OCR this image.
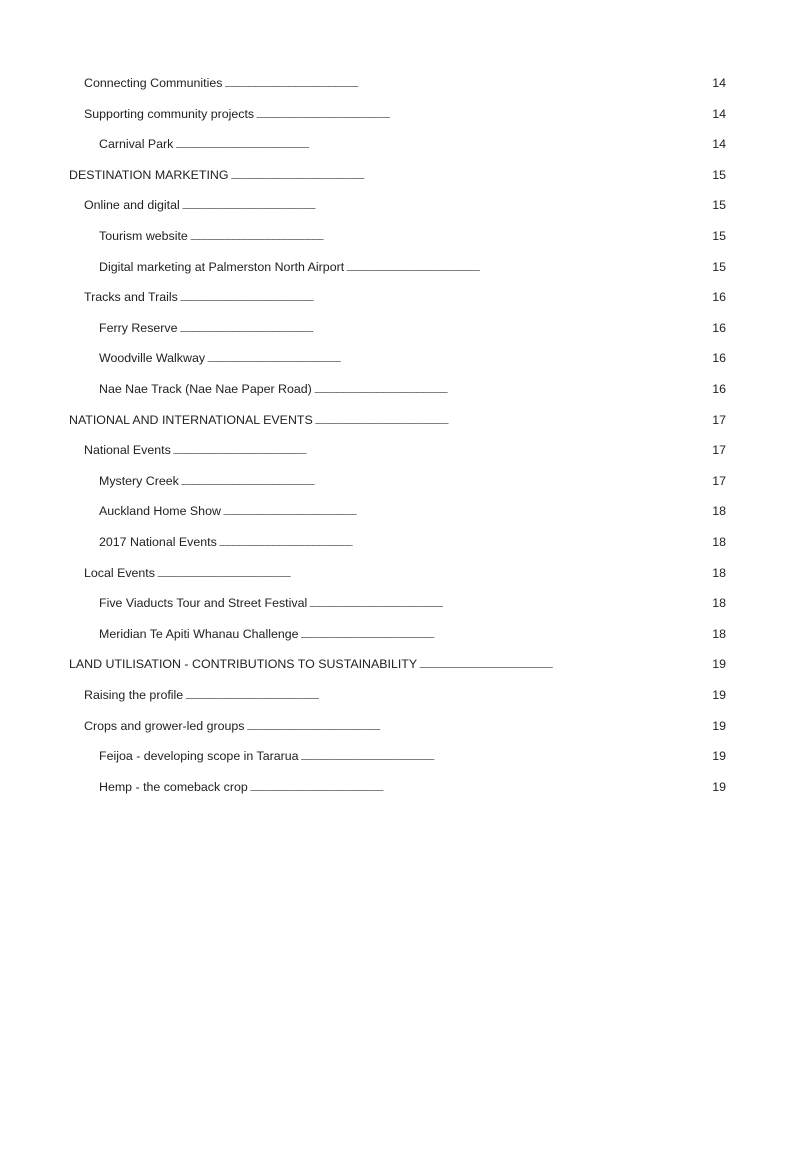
Connecting Communities . . .	14
Supporting community projects . . .	14
Carnival Park . . .	14
DESTINATION MARKETING . . .	15
Online and digital . . .	15
Tourism website . . .	15
Digital marketing at Palmerston North Airport . . .	15
Tracks and Trails . . .	16
Ferry Reserve . . .	16
Woodville Walkway . . .	16
Nae Nae Track (Nae Nae Paper Road) . . .	16
NATIONAL AND INTERNATIONAL EVENTS . . .	17
National Events . . .	17
Mystery Creek . . .	17
Auckland Home Show . . .	18
2017 National Events . . .	18
Local Events . . .	18
Five Viaducts Tour and Street Festival . . .	18
Meridian Te Apiti Whanau Challenge . . .	18
LAND UTILISATION - CONTRIBUTIONS TO SUSTAINABILITY . . .	19
Raising the profile . . .	19
Crops and grower-led groups . . .	19
Feijoa - developing scope in Tararua . . .	19
Hemp - the comeback crop . . .	19
